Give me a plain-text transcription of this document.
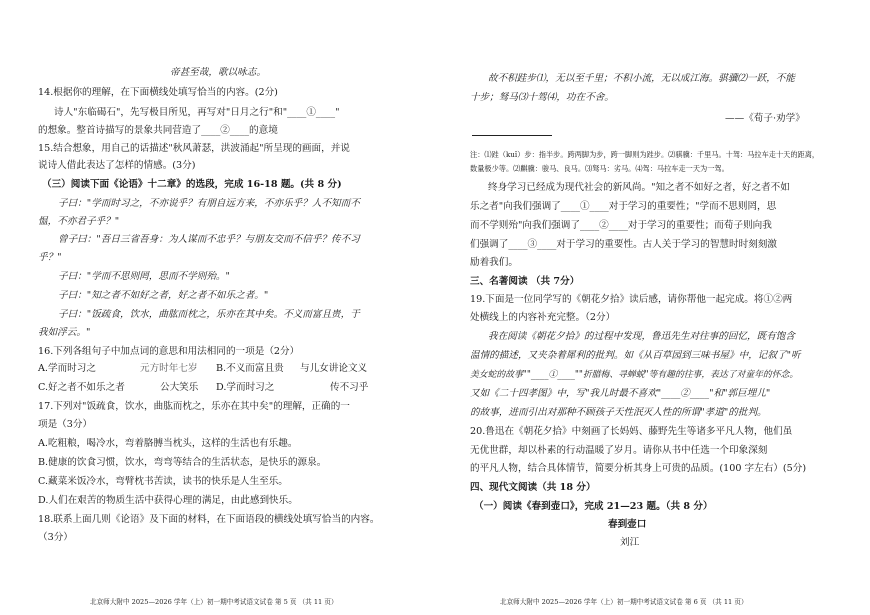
帝甚至哉，歌以咏志。
14.根据你的理解，在下面横线处填写恰当的内容。(2分)
诗人"东临碣石"，先写极目所见，再写对"日月之行"和"____①____"
的想象。整首诗描写的景象共同营造了____②____的意境
15.结合想象，用自己的话描述"秋风萧瑟，洪波涌起"所呈现的画面，并说
说诗人借此表达了怎样的情感。(3分)
（三）阅读下面《论语》十二章》的选段，完成 16-18 题。(共 8 分)
子曰："学而时习之，不亦说乎？有朋自远方来，不亦乐乎？人不知而不
愠，不亦君子乎？"
曾子曰："吾日三省吾身：为人谋而不忠乎？与朋友交而不信乎？传不习
乎？"
子曰："学而不思则罔，思而不学则殆。"
子曰："知之者不如好之者，好之者不如乐之者。"
子曰："饭疏食，饮水，曲肱而枕之，乐亦在其中矣。不义而富且贵，于
我如浮云。"
16.下列各组句子中加点词的意思和用法相同的一项是（2分）
A.学而时习之	元方时年七岁 B.不义而富且贵 与儿女讲论文义
C.好之者不如乐之者	公大笑乐 D.学而时习之	传不习乎
17.下列对"饭疏食，饮水，曲肱而枕之，乐亦在其中矣"的理解，正确的一
项是（3分）
A.吃粗粮，喝冷水，弯着胳膊当枕头，这样的生活也有乐趣。
B.健康的饮食习惯，饮水，弯弯等结合的生活状态，是快乐的源泉。
C.藏菜米饭冷水，弯臂枕书苦读，读书的快乐是人生至乐。
D.人们在艰苦的物质生活中获得心理的满足，由此感到快乐。
18.联系上面几则《论语》及下面的材料，在下面语段的横线处填写恰当的内容。
（3分）
北京师大附中 2025—2026 学年（上）初一期中考试语文试卷 第 5 页 （共 11 页）
故不积跬步⑴，无以至千里；不积小流，无以成江海。骐骥⑵一跃，不能
十步；驽马⑶十驾⑷，功在不舍。
——《荀子·劝学》
注：⑴跬（kuǐ）步：指半步。跨两脚为步，跨一脚则为跬步。⑵骐骥：千里马。十驾：马拉车走十天的距离，
数量极少等。⑵麒骥：骏马、良马。⑶驽马：劣马。⑷驾：马拉车走一天为一驾。
终身学习已经成为现代社会的新风尚。"知之者不如好之者，好之者不如
乐之者"向我们强调了____①____对于学习的重要性；"学而不思则罔，思
而不学则殆"向我们强调了____②____对于学习的重要性；而荀子则向我
们强调了____③____对于学习的重要性。古人关于学习的智慧时时刻刻激
励着我们。
三、名著阅读 （共 7分）
19.下面是一位同学写的《朝花夕拾》读后感，请你帮他一起完成。将①②两
处横线上的内容补充完整。（2分）
我在阅读《朝花夕拾》的过程中发现，鲁迅先生对往事的回忆，既有饱含
温情的描述，又夹杂着犀利的批判。如《从百草园到三味书屋》中，记叙了"听
美女蛇的故事""____①____""折腊梅、寻蝉蜕"等有趣的往事，表达了对童年的怀念。
又如《二十四孝图》中，写"我儿时最不喜欢"____②____"和"郭巨埋儿"
的故事，进而引出对那种不顾孩子天性泯灭人性的所谓"孝道"的批判。
20.鲁迅在《朝花夕拾》中刻画了长妈妈、藤野先生等诸多平凡人物，他们虽
无优世群，却以朴素的行动温暖了岁月。请你从书中任选一个印象深刻
的平凡人物，结合具体情节，简要分析其身上可贵的品质。(100 字左右）(5分)
四、现代文阅读（共 18 分）
（一）阅读《春到壶口》，完成 21—23 题。（共 8 分）
春到壶口
刘江
北京师大附中 2025—2026 学年（上）初一期中考试语文试卷 第 6 页 （共 11 页）
